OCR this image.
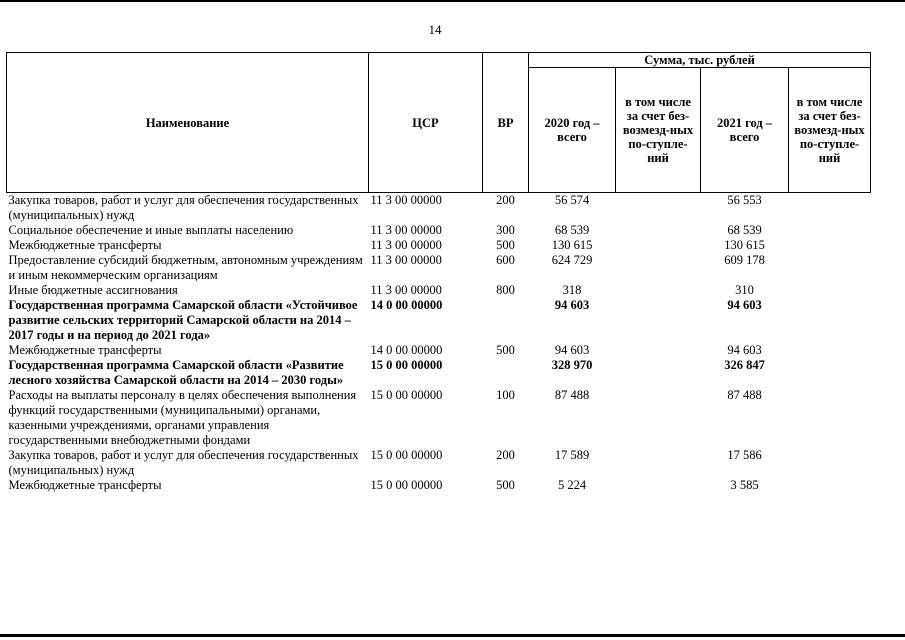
14
Наименование	ЦСР	ВР	Сумма, тыс. рублей			
			2020 год – всего	в том числе за счет без-возмезд-ных по-ступле-ний	2021 год – всего	в том числе за счет без-возмезд-ных по-ступле-ний
Закупка товаров, работ и услуг для обеспечения государственных (муниципальных) нужд	11 3 00 00000	200	56 574		56 553	
Социальное обеспечение и иные выплаты населению	11 3 00 00000	300	68 539		68 539	
Межбюджетные трансферты	11 3 00 00000	500	130 615		130 615	
Предоставление субсидий бюджетным, автономным учреждениям и иным некоммерческим организациям	11 3 00 00000	600	624 729		609 178	
Иные бюджетные ассигнования	11 3 00 00000	800	318		310	
Государственная программа Самарской области «Устойчивое развитие сельских территорий Самарской области на 2014 – 2017 годы и на период до 2021 года»	14 0 00 00000		94 603		94 603	
Межбюджетные трансферты	14 0 00 00000	500	94 603		94 603	
Государственная программа Самарской области «Развитие лесного хозяйства Самарской области на 2014 – 2030 годы»	15 0 00 00000		328 970		326 847	
Расходы на выплаты персоналу в целях обеспечения выполнения функций государственными (муниципальными) органами, казенными учреждениями, органами управления государственными внебюджетными фондами	15 0 00 00000	100	87 488		87 488	
Закупка товаров, работ и услуг для обеспечения государственных (муниципальных) нужд	15 0 00 00000	200	17 589		17 586	
Межбюджетные трансферты	15 0 00 00000	500	5 224		3 585	
